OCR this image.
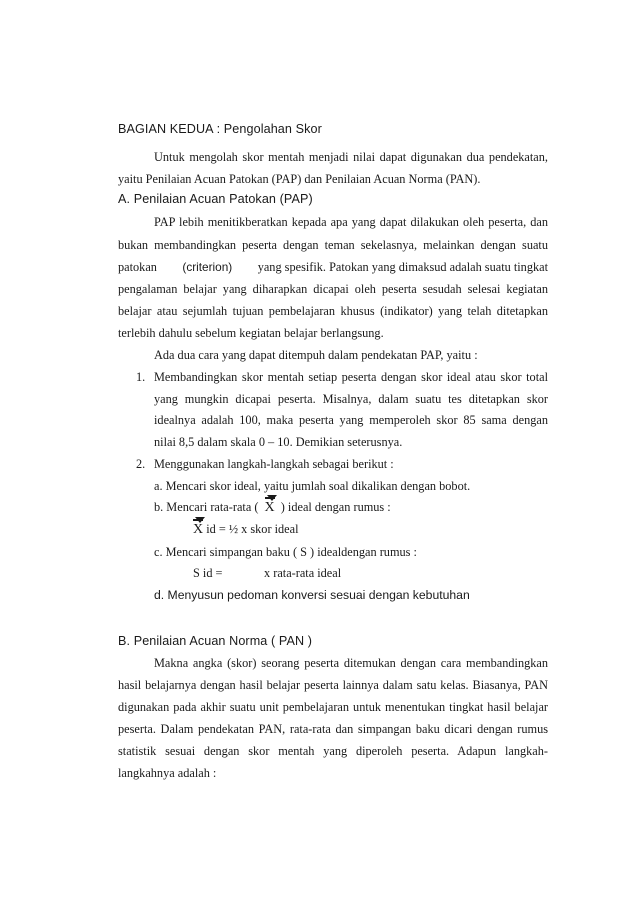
BAGIAN KEDUA : Pengolahan Skor
Untuk mengolah skor mentah menjadi nilai dapat digunakan dua pendekatan,
yaitu Penilaian Acuan Patokan (PAP) dan Penilaian Acuan Norma (PAN).
A. Penilaian Acuan Patokan (PAP)
PAP lebih menitikberatkan kepada apa yang dapat dilakukan oleh peserta, dan
bukan membandingkan peserta dengan teman sekelasnya, melainkan dengan suatu
patokan (criterion) yang spesifik. Patokan yang dimaksud adalah suatu tingkat
pengalaman belajar yang diharapkan dicapai oleh peserta sesudah selesai kegiatan
belajar atau sejumlah tujuan pembelajaran khusus (indikator) yang telah ditetapkan
terlebih dahulu sebelum kegiatan belajar berlangsung.
Ada dua cara yang dapat ditempuh dalam pendekatan PAP, yaitu :
1. Membandingkan skor mentah setiap peserta dengan skor ideal atau skor total
yang mungkin dicapai peserta. Misalnya, dalam suatu tes ditetapkan skor
idealnya adalah 100, maka peserta yang memperoleh skor 85 sama dengan
nilai 8,5 dalam skala 0 – 10. Demikian seterusnya.
2. Menggunakan langkah-langkah sebagai berikut :
a. Mencari skor ideal, yaitu jumlah soal dikalikan dengan bobot.
b. Mencari rata-rata ( X ) ideal dengan rumus :
X id = ½ x skor ideal
c. Mencari simpangan baku ( S ) idealdengan rumus :
S id =	x rata-rata ideal
d. Menyusun pedoman konversi sesuai dengan kebutuhan
B. Penilaian Acuan Norma ( PAN )
Makna angka (skor) seorang peserta ditemukan dengan cara membandingkan
hasil belajarnya dengan hasil belajar peserta lainnya dalam satu kelas. Biasanya, PAN
digunakan pada akhir suatu unit pembelajaran untuk menentukan tingkat hasil belajar
peserta. Dalam pendekatan PAN, rata-rata dan simpangan baku dicari dengan rumus
statistik sesuai dengan skor mentah yang diperoleh peserta. Adapun langkah-
langkahnya adalah :
